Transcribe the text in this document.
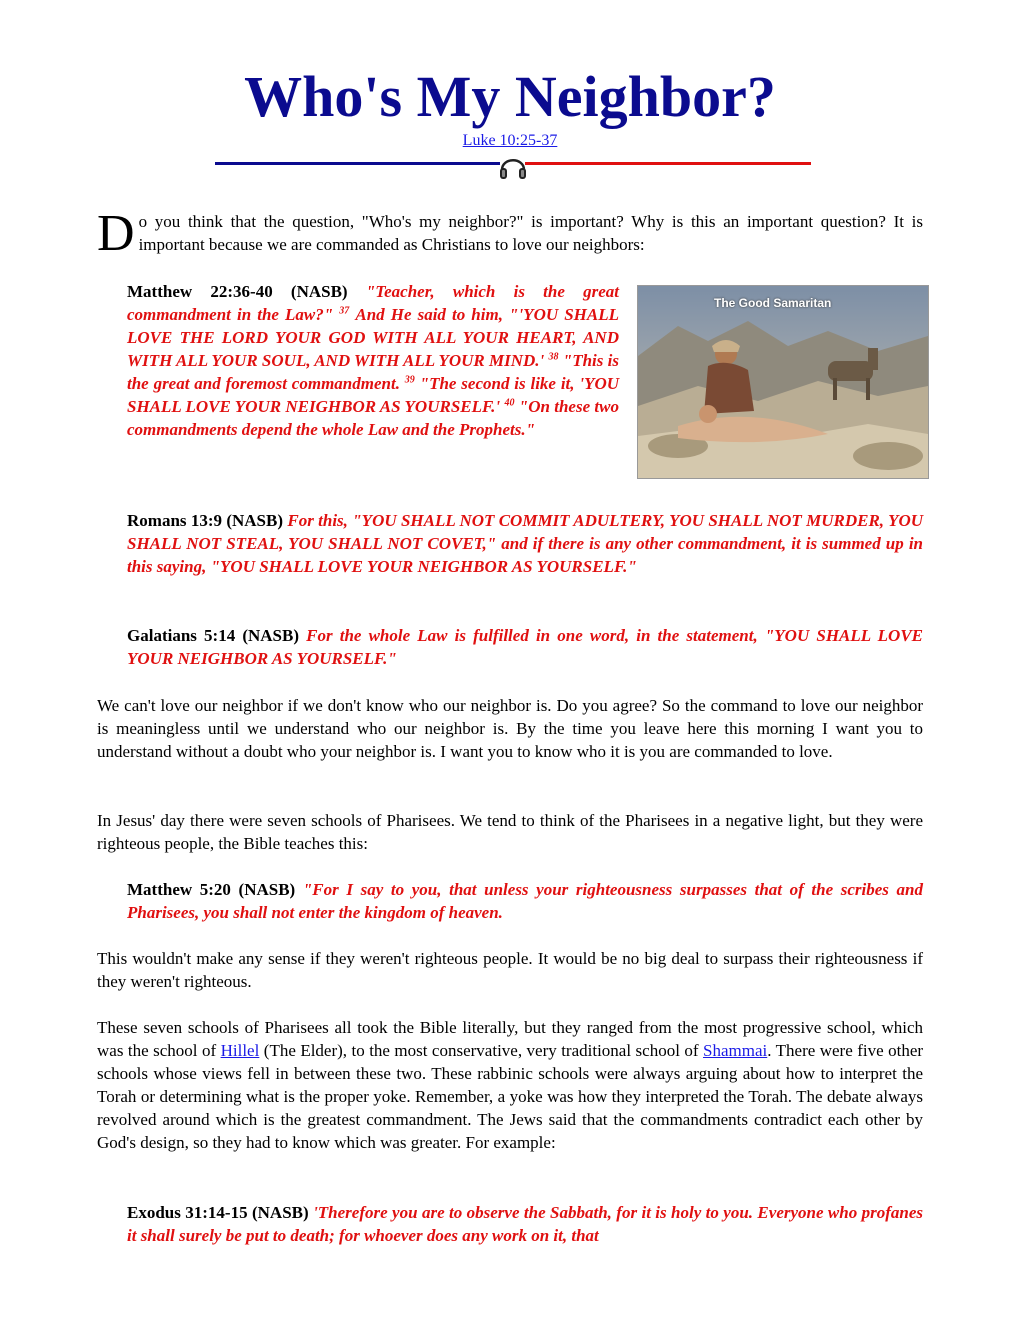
Who's My Neighbor?
Luke 10:25-37

Do you think that the question, "Who's my neighbor?" is important? Why is this an important question? It is important because we are commanded as Christians to love our neighbors:

Matthew 22:36-40 (NASB) "Teacher, which is the great commandment in the Law?" $^{37}$ And He said to him, "'YOU SHALL LOVE THE LORD YOUR GOD WITH ALL YOUR HEART, AND WITH ALL YOUR SOUL, AND WITH ALL YOUR MIND.' $^{38}$ "This is the great and foremost commandment. $^{39}$ "The second is like it, 'YOU SHALL LOVE YOUR NEIGHBOR AS YOURSELF.' $^{40}$ "On these two commandments depend the whole Law and the Prophets."

The Good Samaritan

Romans 13:9 (NASB) For this, "YOU SHALL NOT COMMIT ADULTERY, YOU SHALL NOT MURDER, YOU SHALL NOT STEAL, YOU SHALL NOT COVET," and if there is any other commandment, it is summed up in this saying, "YOU SHALL LOVE YOUR NEIGHBOR AS YOURSELF."

Galatians 5:14 (NASB) For the whole Law is fulfilled in one word, in the statement, "YOU SHALL LOVE YOUR NEIGHBOR AS YOURSELF."

We can't love our neighbor if we don't know who our neighbor is. Do you agree? So the command to love our neighbor is meaningless until we understand who our neighbor is. By the time you leave here this morning I want you to understand without a doubt who your neighbor is. I want you to know who it is you are commanded to love.

In Jesus' day there were seven schools of Pharisees. We tend to think of the Pharisees in a negative light, but they were righteous people, the Bible teaches this:

Matthew 5:20 (NASB) "For I say to you, that unless your righteousness surpasses that of the scribes and Pharisees, you shall not enter the kingdom of heaven.

This wouldn't make any sense if they weren't righteous people. It would be no big deal to surpass their righteousness if they weren't righteous.

These seven schools of Pharisees all took the Bible literally, but they ranged from the most progressive school, which was the school of Hillel (The Elder), to the most conservative, very traditional school of Shammai. There were five other schools whose views fell in between these two. These rabbinic schools were always arguing about how to interpret the Torah or determining what is the proper yoke. Remember, a yoke was how they interpreted the Torah. The debate always revolved around which is the greatest commandment. The Jews said that the commandments contradict each other by God's design, so they had to know which was greater. For example:

Exodus 31:14-15 (NASB) 'Therefore you are to observe the Sabbath, for it is holy to you. Everyone who profanes it shall surely be put to death; for whoever does any work on it, that
